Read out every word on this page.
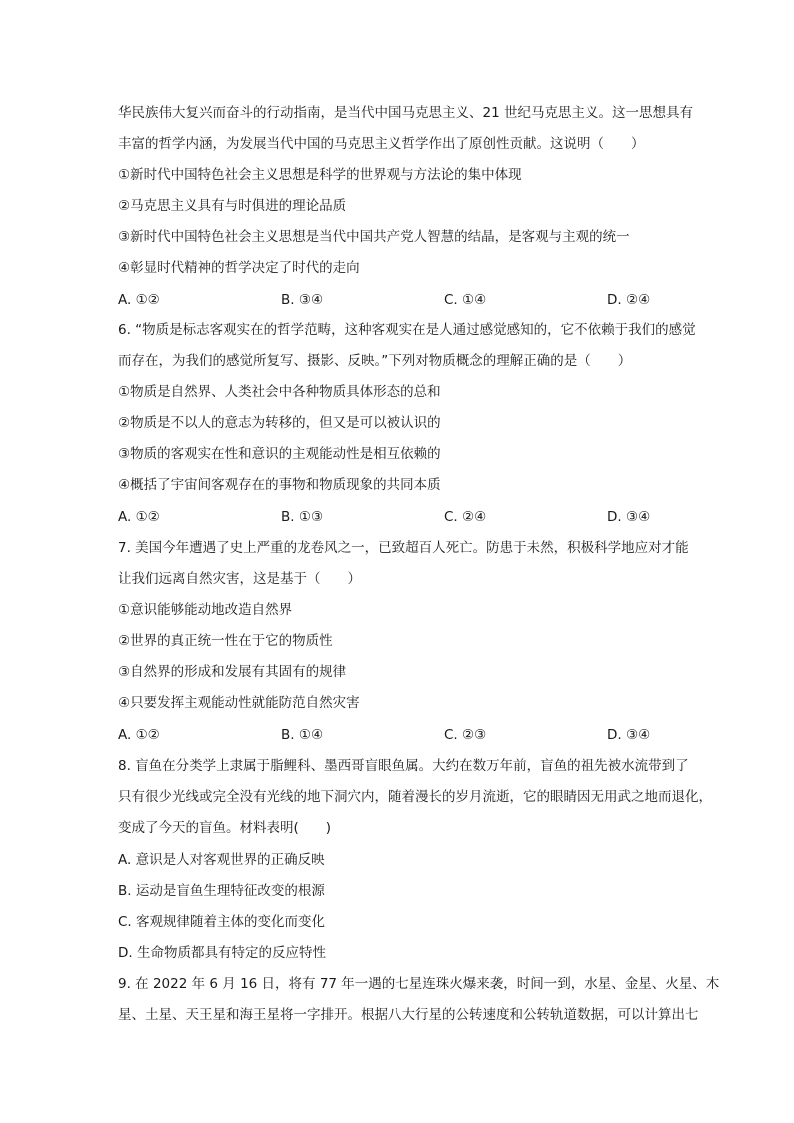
华民族伟大复兴而奋斗的行动指南，是当代中国马克思主义、21 世纪马克思主义。这一思想具有
丰富的哲学内涵，为发展当代中国的马克思主义哲学作出了原创性贡献。这说明（　　）
①新时代中国特色社会主义思想是科学的世界观与方法论的集中体现
②马克思主义具有与时俱进的理论品质
③新时代中国特色社会主义思想是当代中国共产党人智慧的结晶，是客观与主观的统一
④彰显时代精神的哲学决定了时代的走向
A. ①②	B. ③④	C. ①④	D. ②④
6. “物质是标志客观实在的哲学范畴，这种客观实在是人通过感觉感知的，它不依赖于我们的感觉
而存在，为我们的感觉所复写、摄影、反映。”下列对物质概念的理解正确的是（　　）
①物质是自然界、人类社会中各种物质具体形态的总和
②物质是不以人的意志为转移的，但又是可以被认识的
③物质的客观实在性和意识的主观能动性是相互依赖的
④概括了宇宙间客观存在的事物和物质现象的共同本质
A. ①②	B. ①③	C. ②④	D. ③④
7. 美国今年遭遇了史上严重的龙卷风之一，已致超百人死亡。防患于未然，积极科学地应对才能
让我们远离自然灾害，这是基于（　　）
①意识能够能动地改造自然界
②世界的真正统一性在于它的物质性
③自然界的形成和发展有其固有的规律
④只要发挥主观能动性就能防范自然灾害
A. ①②	B. ①④	C. ②③	D. ③④
8. 盲鱼在分类学上隶属于脂鲤科、墨西哥盲眼鱼属。大约在数万年前，盲鱼的祖先被水流带到了
只有很少光线或完全没有光线的地下洞穴内，随着漫长的岁月流逝，它的眼睛因无用武之地而退化，
变成了今天的盲鱼。材料表明(　　)
A. 意识是人对客观世界的正确反映
B. 运动是盲鱼生理特征改变的根源
C. 客观规律随着主体的变化而变化
D. 生命物质都具有特定的反应特性
9. 在 2022 年 6 月 16 日，将有 77 年一遇的七星连珠火爆来袭，时间一到，水星、金星、火星、木
星、土星、天王星和海王星将一字排开。根据八大行星的公转速度和公转轨道数据，可以计算出七
